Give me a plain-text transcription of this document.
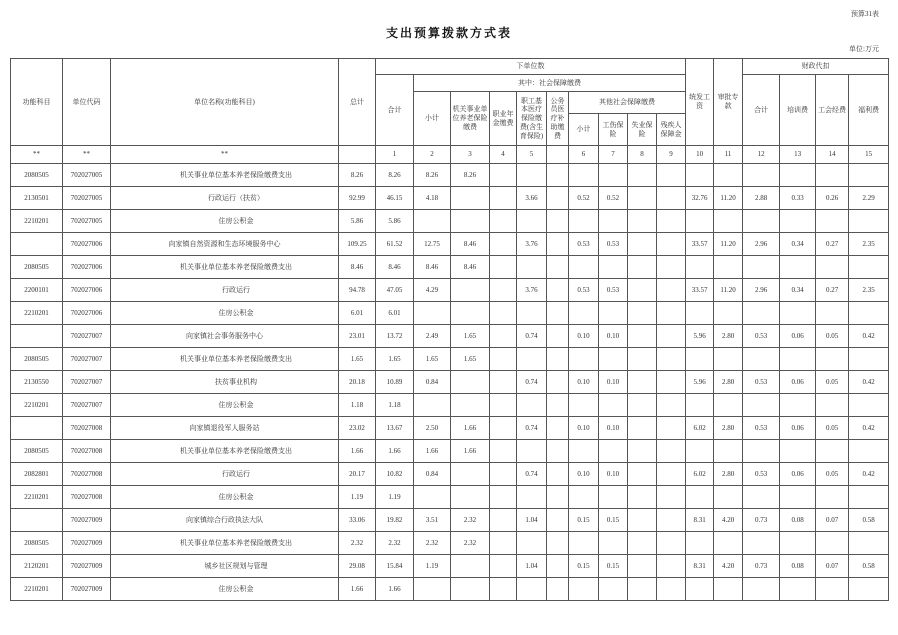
预算31表
支出预算拨款方式表
单位:万元
功能科目	单位代码	单位名称(功能科目)	总计	下单位数										统发工资	审批专款	财政代扣			
				合计	其中：社会保障缴费											合计	培训费	工会经费	福利费
					小计	机关事业单位养老保险缴费	职业年金缴费	职工基本医疗保险缴费(含生育保险)	公务员医疗补助缴费	其他社会保障缴费									
										小计	工伤保险	失业保险	残疾人保障金						
**	**	**		1	2	3	4	5		6	7	8	9	10	11	12	13	14	15
2080505	702027005	机关事业单位基本养老保险缴费支出	8.26	8.26	8.26	8.26													
2130501	702027005	行政运行（扶贫）	92.99	46.15	4.18			3.66		0.52	0.52			32.76	11.20	2.88	0.33	0.26	2.29
2210201	702027005	住房公积金	5.86	5.86															
	702027006	向家镇自然资源和生态环境服务中心	109.25	61.52	12.75	8.46		3.76		0.53	0.53			33.57	11.20	2.96	0.34	0.27	2.35
2080505	702027006	机关事业单位基本养老保险缴费支出	8.46	8.46	8.46	8.46													
2200101	702027006	行政运行	94.78	47.05	4.29			3.76		0.53	0.53			33.57	11.20	2.96	0.34	0.27	2.35
2210201	702027006	住房公积金	6.01	6.01															
	702027007	向家镇社会事务服务中心	23.01	13.72	2.49	1.65		0.74		0.10	0.10			5.96	2.80	0.53	0.06	0.05	0.42
2080505	702027007	机关事业单位基本养老保险缴费支出	1.65	1.65	1.65	1.65													
2130550	702027007	扶贫事业机构	20.18	10.89	0.84			0.74		0.10	0.10			5.96	2.80	0.53	0.06	0.05	0.42
2210201	702027007	住房公积金	1.18	1.18															
	702027008	向家镇退役军人服务站	23.02	13.67	2.50	1.66		0.74		0.10	0.10			6.02	2.80	0.53	0.06	0.05	0.42
2080505	702027008	机关事业单位基本养老保险缴费支出	1.66	1.66	1.66	1.66													
2082801	702027008	行政运行	20.17	10.82	0.84			0.74		0.10	0.10			6.02	2.80	0.53	0.06	0.05	0.42
2210201	702027008	住房公积金	1.19	1.19															
	702027009	向家镇综合行政执法大队	33.06	19.82	3.51	2.32		1.04		0.15	0.15			8.31	4.20	0.73	0.08	0.07	0.58
2080505	702027009	机关事业单位基本养老保险缴费支出	2.32	2.32	2.32	2.32													
2120201	702027009	城乡社区规划与管理	29.08	15.84	1.19			1.04		0.15	0.15			8.31	4.20	0.73	0.08	0.07	0.58
2210201	702027009	住房公积金	1.66	1.66															
